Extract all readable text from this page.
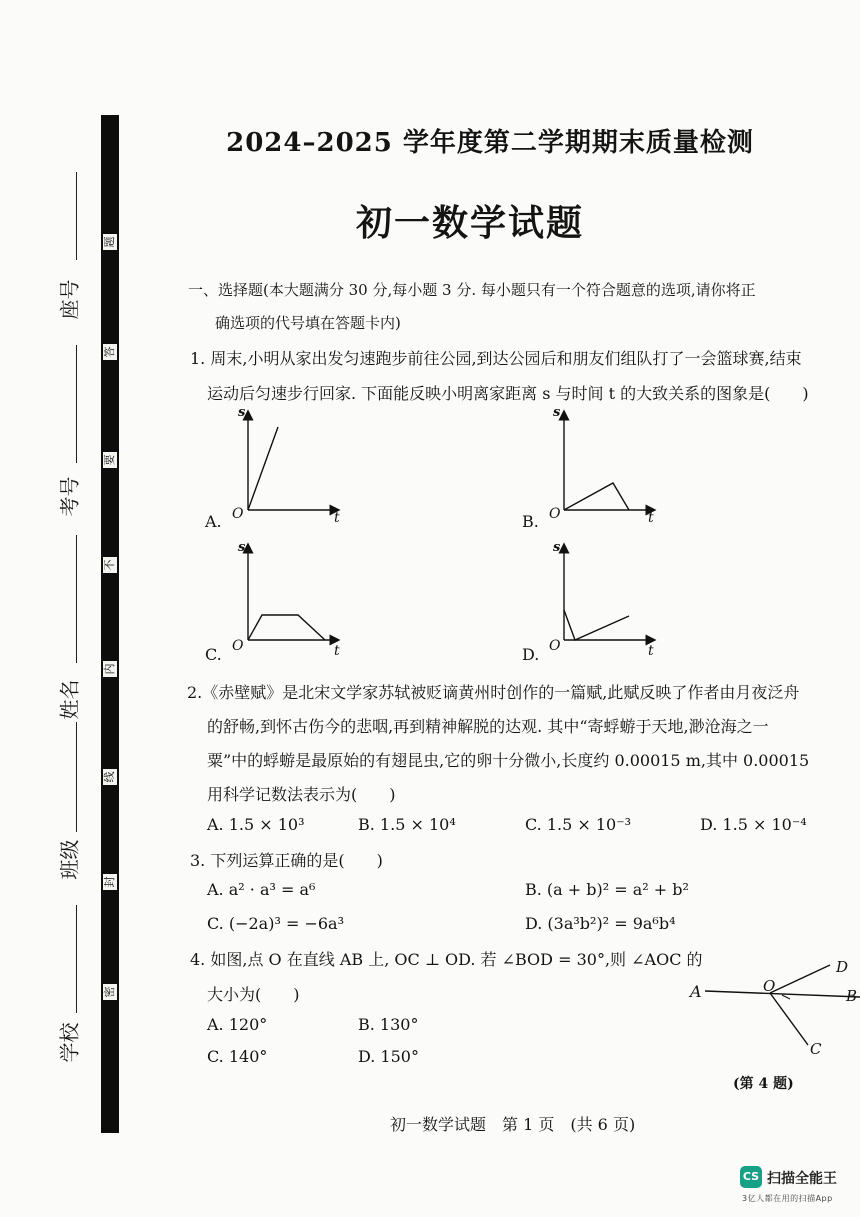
题
答
要
不
内
线
封
密
座号
考号
姓名
班级
学校
2024–2025 学年度第二学期期末质量检测
初一数学试题
一、选择题(本大题满分 30 分,每小题 3 分. 每小题只有一个符合题意的选项,请你将正
确选项的代号填在答题卡内)
1. 周末,小明从家出发匀速跑步前往公园,到达公园后和朋友们组队打了一会篮球赛,结束
运动后匀速步行回家. 下面能反映小明离家距离 s 与时间 t 的大致关系的图象是(　　)
A.
s
t
O	B.
s
t
O
C.
s
t
O	D.
s
t
O
2.《赤壁赋》是北宋文学家苏轼被贬谪黄州时创作的一篇赋,此赋反映了作者由月夜泛舟
的舒畅,到怀古伤今的悲咽,再到精神解脱的达观. 其中“寄蜉蝣于天地,渺沧海之一
粟”中的蜉蝣是最原始的有翅昆虫,它的卵十分微小,长度约 0.00015 m,其中 0.00015
用科学记数法表示为(　　)
A. 1.5 × 10³	B. 1.5 × 10⁴	C. 1.5 × 10⁻³	D. 1.5 × 10⁻⁴
3. 下列运算正确的是(　　)
A. a² · a³ = a⁶	B. (a + b)² = a² + b²
C. (−2a)³ = −6a³	D. (3a³b²)² = 9a⁶b⁴
4. 如图,点 O 在直线 AB 上, OC ⊥ OD. 若 ∠BOD = 30°,则 ∠AOC 的
大小为(　　)
A. 120°	B. 130°
C. 140°	D. 150°
A	O
D
B
C
(第 4 题)
初一数学试题　第 1 页　(共 6 页)
CS 扫描全能王
3亿人都在用的扫描App
